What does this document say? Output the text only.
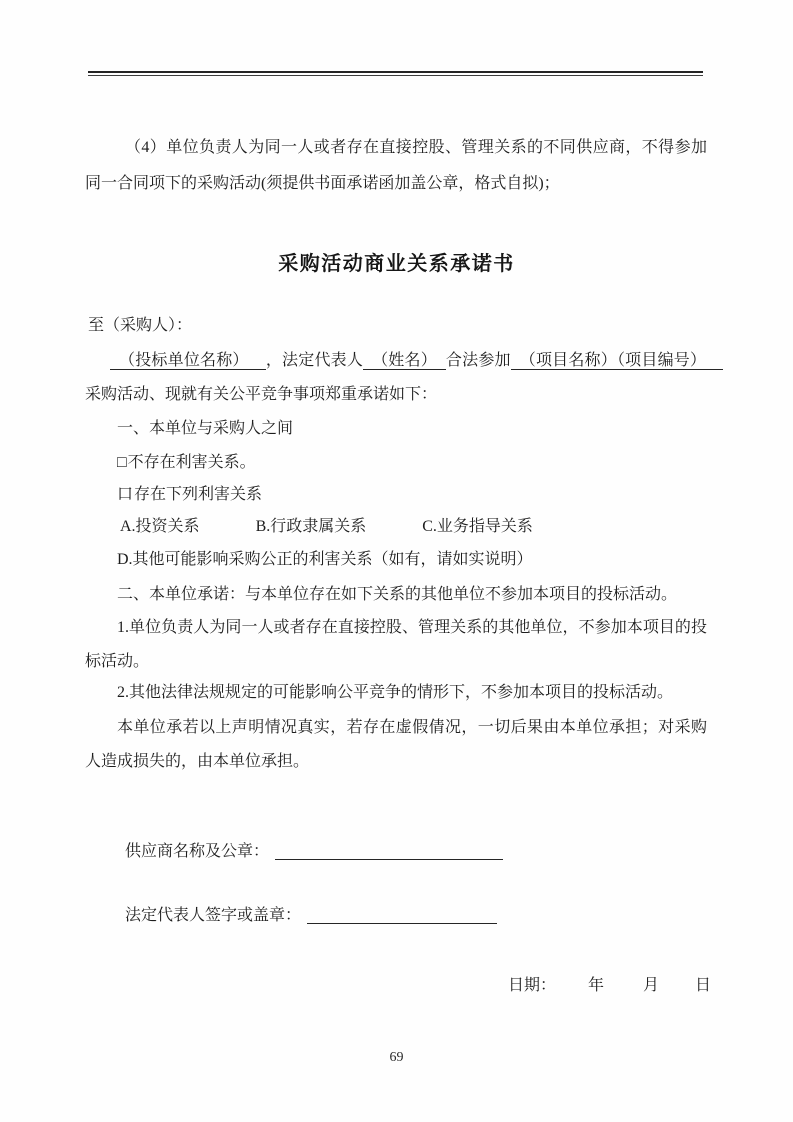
（4）单位负责人为同一人或者存在直接控股、管理关系的不同供应商，不得参加同一合同项下的采购活动(须提供书面承诺函加盖公章，格式自拟)；

采购活动商业关系承诺书

至（采购人）：

（投标单位名称）　，法定代表人 （姓名） 合法参加 （项目名称）（项目编号）　采购活动、现就有关公平竞争事项郑重承诺如下：

一、本单位与采购人之间

□不存在利害关系。

口存在下列利害关系

A.投资关系	B.行政隶属关系	C.业务指导关系

D.其他可能影响采购公正的利害关系（如有，请如实说明）

二、本单位承诺：与本单位存在如下关系的其他单位不参加本项目的投标活动。

1.单位负责人为同一人或者存在直接控股、管理关系的其他单位，不参加本项目的投标活动。

2.其他法律法规规定的可能影响公平竞争的情形下，不参加本项目的投标活动。

本单位承若以上声明情况真实，若存在虚假倩况，一切后果由本单位承担；对采购人造成损失的，由本单位承担。

供应商名称及公章：
法定代表人签字或盖章：
日期： 年 月 日
69
